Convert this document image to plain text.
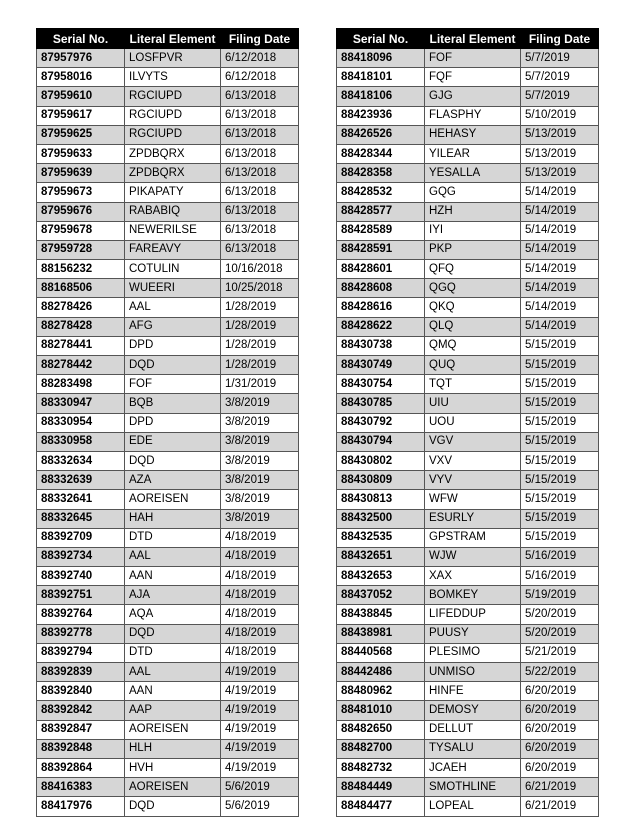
Serial No.	Literal Element	Filing Date
87957976	LOSFPVR	6/12/2018
87958016	ILVYTS	6/12/2018
87959610	RGCIUPD	6/13/2018
87959617	RGCIUPD	6/13/2018
87959625	RGCIUPD	6/13/2018
87959633	ZPDBQRX	6/13/2018
87959639	ZPDBQRX	6/13/2018
87959673	PIKAPATY	6/13/2018
87959676	RABABIQ	6/13/2018
87959678	NEWERILSE	6/13/2018
87959728	FAREAVY	6/13/2018
88156232	COTULIN	10/16/2018
88168506	WUEERI	10/25/2018
88278426	AAL	1/28/2019
88278428	AFG	1/28/2019
88278441	DPD	1/28/2019
88278442	DQD	1/28/2019
88283498	FOF	1/31/2019
88330947	BQB	3/8/2019
88330954	DPD	3/8/2019
88330958	EDE	3/8/2019
88332634	DQD	3/8/2019
88332639	AZA	3/8/2019
88332641	AOREISEN	3/8/2019
88332645	HAH	3/8/2019
88392709	DTD	4/18/2019
88392734	AAL	4/18/2019
88392740	AAN	4/18/2019
88392751	AJA	4/18/2019
88392764	AQA	4/18/2019
88392778	DQD	4/18/2019
88392794	DTD	4/18/2019
88392839	AAL	4/19/2019
88392840	AAN	4/19/2019
88392842	AAP	4/19/2019
88392847	AOREISEN	4/19/2019
88392848	HLH	4/19/2019
88392864	HVH	4/19/2019
88416383	AOREISEN	5/6/2019
88417976	DQD	5/6/2019
Serial No.	Literal Element	Filing Date
88418096	FOF	5/7/2019
88418101	FQF	5/7/2019
88418106	GJG	5/7/2019
88423936	FLASPHY	5/10/2019
88426526	HEHASY	5/13/2019
88428344	YILEAR	5/13/2019
88428358	YESALLA	5/13/2019
88428532	GQG	5/14/2019
88428577	HZH	5/14/2019
88428589	IYI	5/14/2019
88428591	PKP	5/14/2019
88428601	QFQ	5/14/2019
88428608	QGQ	5/14/2019
88428616	QKQ	5/14/2019
88428622	QLQ	5/14/2019
88430738	QMQ	5/15/2019
88430749	QUQ	5/15/2019
88430754	TQT	5/15/2019
88430785	UIU	5/15/2019
88430792	UOU	5/15/2019
88430794	VGV	5/15/2019
88430802	VXV	5/15/2019
88430809	VYV	5/15/2019
88430813	WFW	5/15/2019
88432500	ESURLY	5/15/2019
88432535	GPSTRAM	5/15/2019
88432651	WJW	5/16/2019
88432653	XAX	5/16/2019
88437052	BOMKEY	5/19/2019
88438845	LIFEDDUP	5/20/2019
88438981	PUUSY	5/20/2019
88440568	PLESIMO	5/21/2019
88442486	UNMISO	5/22/2019
88480962	HINFE	6/20/2019
88481010	DEMOSY	6/20/2019
88482650	DELLUT	6/20/2019
88482700	TYSALU	6/20/2019
88482732	JCAEH	6/20/2019
88484449	SMOTHLINE	6/21/2019
88484477	LOPEAL	6/21/2019
